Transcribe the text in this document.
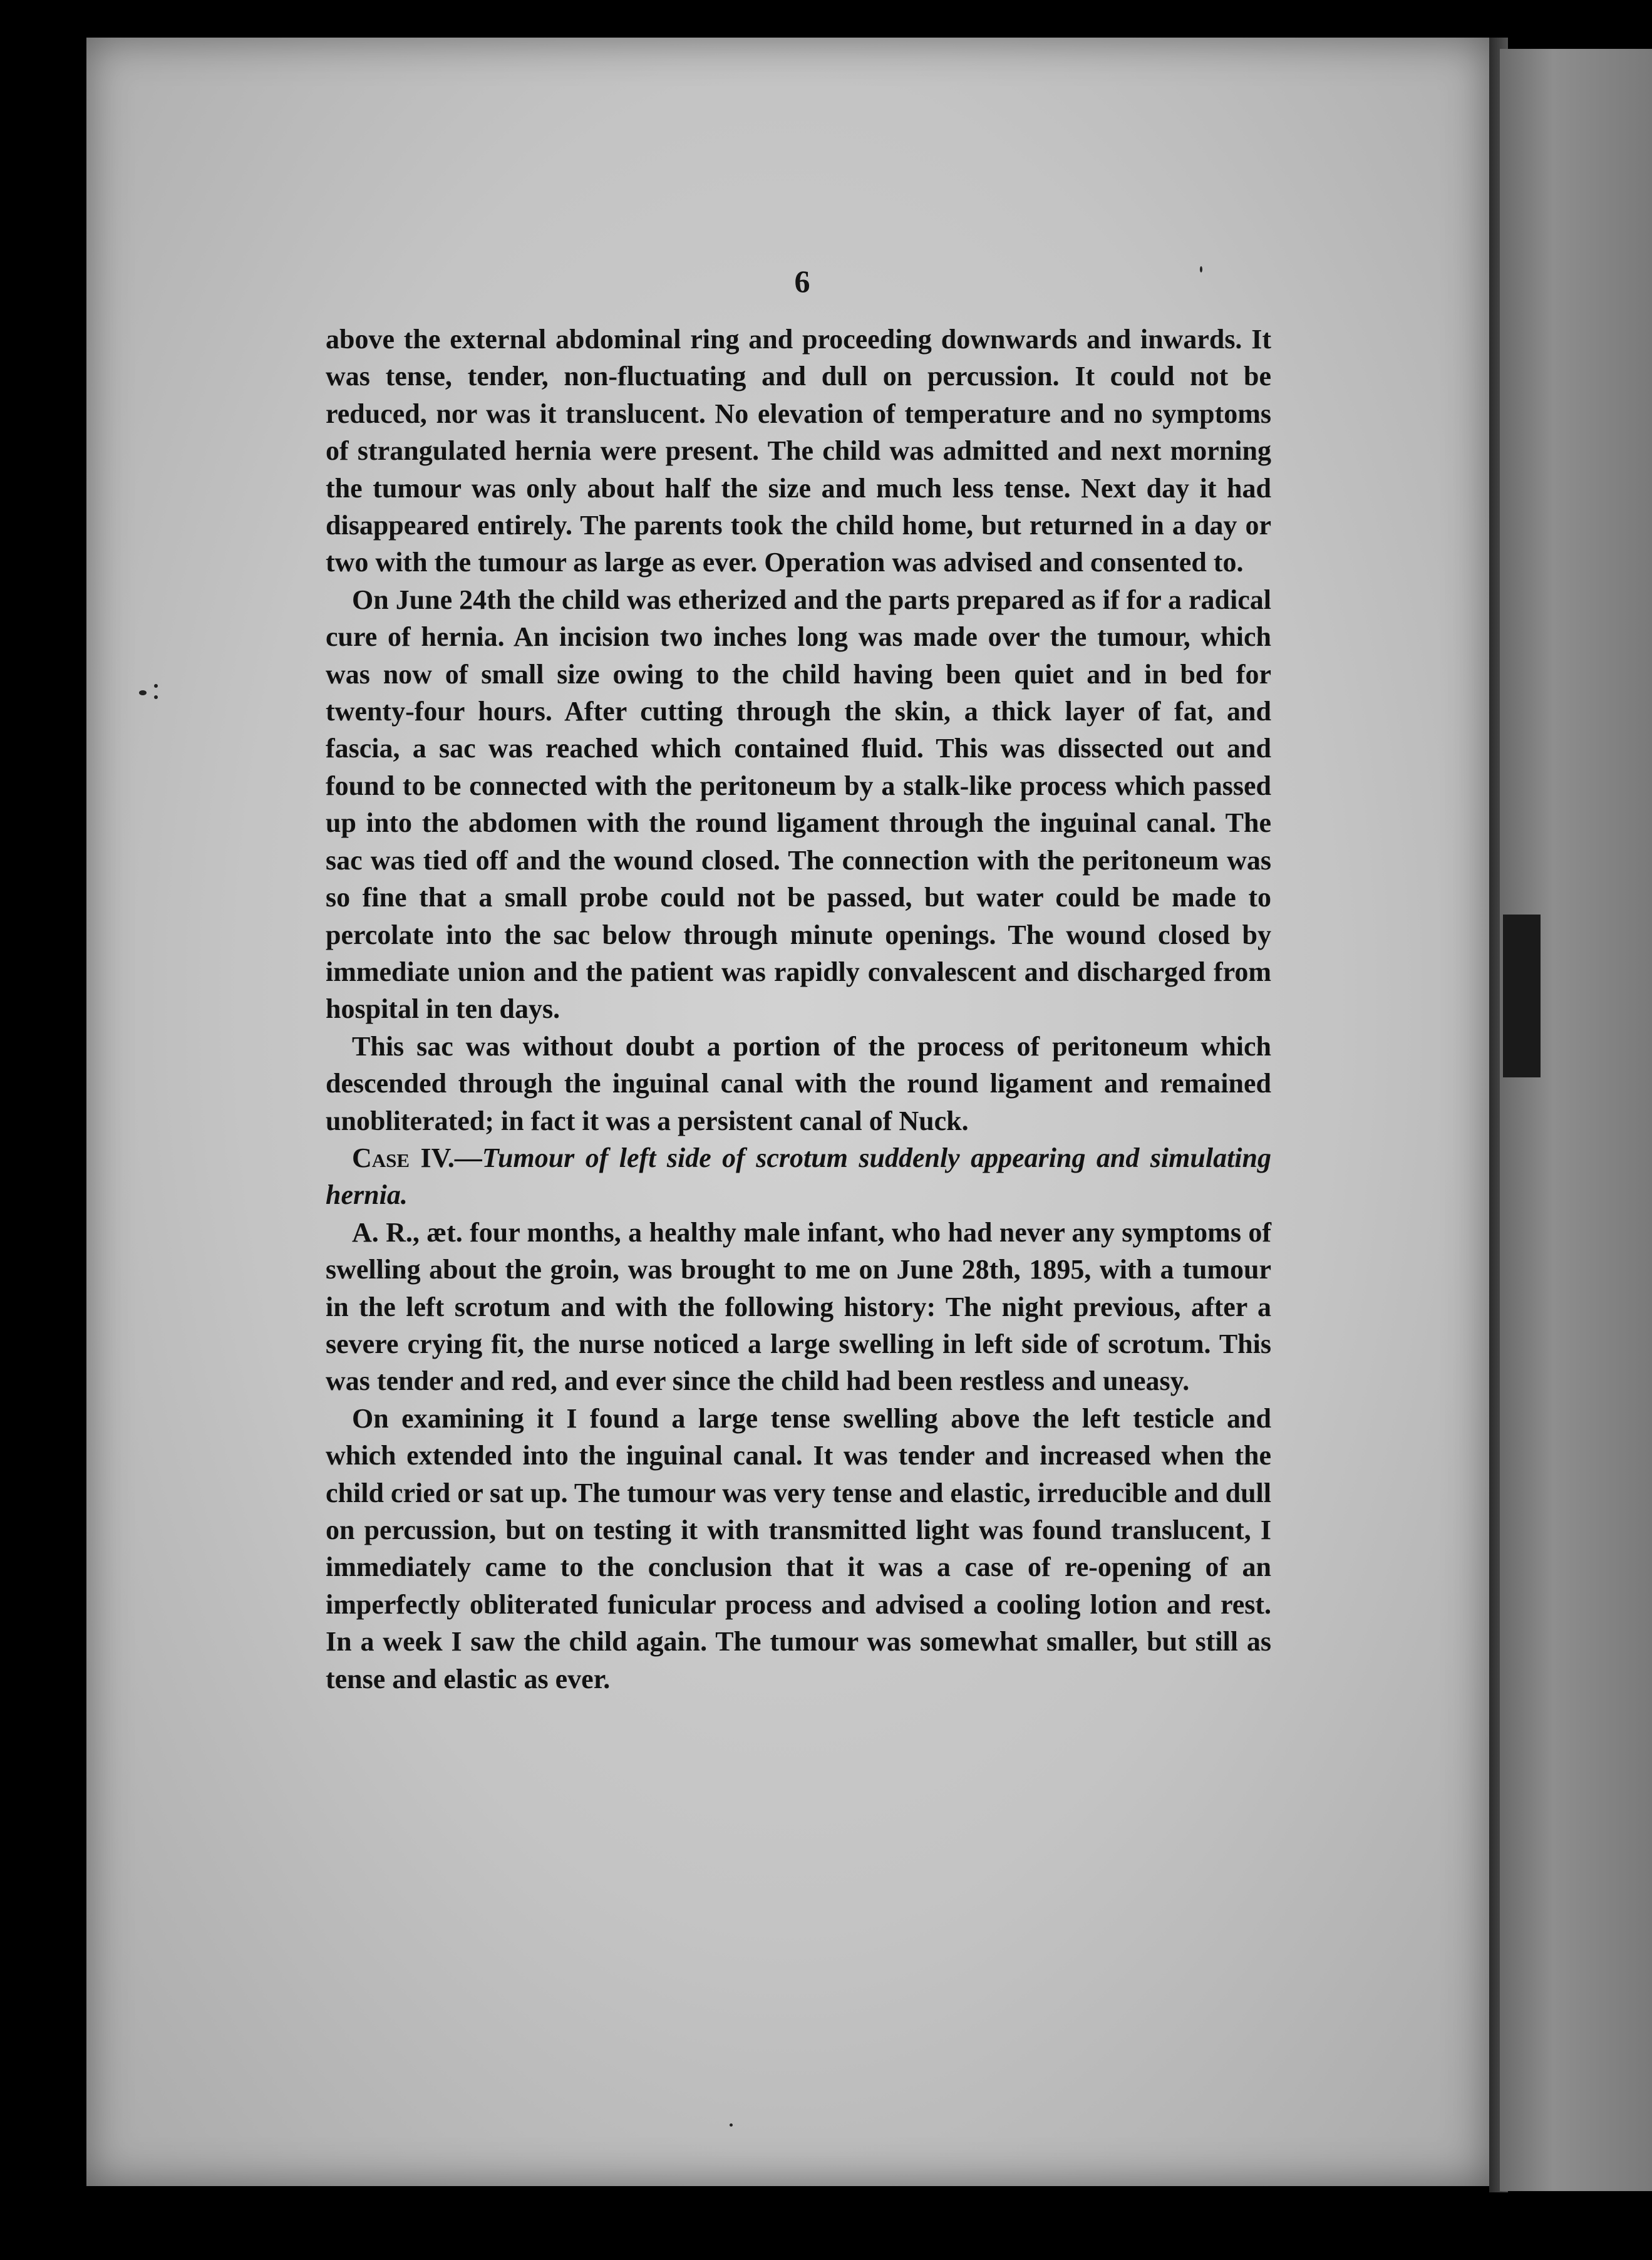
6

above the external abdominal ring and proceeding downwards and inwards. It was tense, tender, non-fluctuating and dull on percussion. It could not be reduced, nor was it translucent. No elevation of temperature and no symptoms of strangulated hernia were present. The child was admitted and next morning the tumour was only about half the size and much less tense. Next day it had disappeared entirely. The parents took the child home, but returned in a day or two with the tumour as large as ever. Operation was advised and consented to.

On June 24th the child was etherized and the parts prepared as if for a radical cure of hernia. An incision two inches long was made over the tumour, which was now of small size owing to the child having been quiet and in bed for twenty-four hours. After cutting through the skin, a thick layer of fat, and fascia, a sac was reached which contained fluid. This was dissected out and found to be connected with the peritoneum by a stalk-like process which passed up into the abdomen with the round ligament through the inguinal canal. The sac was tied off and the wound closed. The connection with the peritoneum was so fine that a small probe could not be passed, but water could be made to percolate into the sac below through minute openings. The wound closed by immediate union and the patient was rapidly convalescent and discharged from hospital in ten days.

This sac was without doubt a portion of the process of peritoneum which descended through the inguinal canal with the round ligament and remained unobliterated; in fact it was a persistent canal of Nuck.

Case IV.—Tumour of left side of scrotum suddenly appearing and simulating hernia.

A. R., æt. four months, a healthy male infant, who had never any symptoms of swelling about the groin, was brought to me on June 28th, 1895, with a tumour in the left scrotum and with the following history: The night previous, after a severe crying fit, the nurse noticed a large swelling in left side of scrotum. This was tender and red, and ever since the child had been restless and uneasy.

On examining it I found a large tense swelling above the left testicle and which extended into the inguinal canal. It was tender and increased when the child cried or sat up. The tumour was very tense and elastic, irreducible and dull on percussion, but on testing it with transmitted light was found translucent, I immediately came to the conclusion that it was a case of re-opening of an imperfectly obliterated funicular process and advised a cooling lotion and rest. In a week I saw the child again. The tumour was somewhat smaller, but still as tense and elastic as ever.
